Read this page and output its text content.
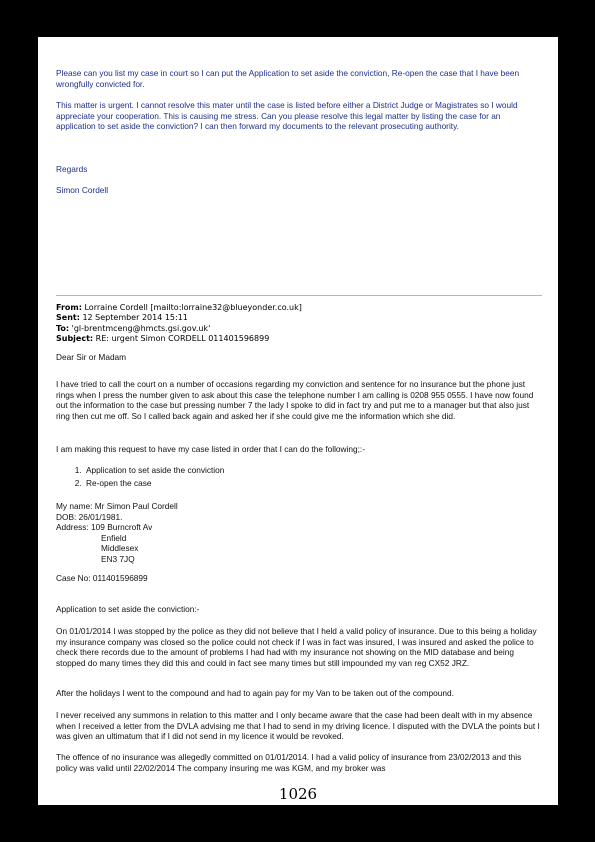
Please can you list my case in court so I can put the Application to set aside the conviction, Re-open the case that I have been wrongfully convicted for.

This matter is urgent. I cannot resolve this mater until the case is listed before either a District Judge or Magistrates so I would appreciate your cooperation. This is causing me stress. Can you please resolve this legal matter by listing the case for an application to set aside the conviction? I can then forward my documents to the relevant prosecuting authority.

Regards

Simon Cordell

From: Lorraine Cordell [mailto:lorraine32@blueyonder.co.uk]
Sent: 12 September 2014 15:11
To: 'gl-brentmceng@hmcts.gsi.gov.uk'
Subject: RE: urgent Simon CORDELL 011401596899

Dear Sir or Madam

I have tried to call the court on a number of occasions regarding my conviction and sentence for no insurance but the phone just rings when I press the number given to ask about this case the telephone number I am calling is 0208 955 0555. I have now found out the information to the case but pressing number 7 the lady I spoke to did in fact try and put me to a manager but that also just ring then cut me off. So I called back again and asked her if she could give me the information which she did.

I am making this request to have my case listed in order that I can do the following;:-

1. Application to set aside the conviction
2. Re-open the case
My name: Mr Simon Paul Cordell
DOB: 26/01/1981.
Address: 109 Burncroft Av
Enfield
Middlesex
EN3 7JQ

Case No: 011401596899

Application to set aside the conviction:-

On 01/01/2014 I was stopped by the police as they did not believe that I held a valid policy of insurance. Due to this being a holiday my insurance company was closed so the police could not check if I was in fact was insured, I was insured and asked the police to check there records due to the amount of problems I had had with my insurance not showing on the MID database and being stopped do many times they did this and could in fact see many times but still impounded my van reg CX52 JRZ.

After the holidays I went to the compound and had to again pay for my Van to be taken out of the compound.

I never received any summons in relation to this matter and I only became aware that the case had been dealt with in my absence when I received a letter from the DVLA advising me that I had to send in my driving licence. I disputed with the DVLA the points but I was given an ultimatum that if I did not send in my licence it would be revoked.

The offence of no insurance was allegedly committed on 01/01/2014. I had a valid policy of insurance from 23/02/2013 and this policy was valid until 22/02/2014 The company insuring me was KGM, and my broker was

1026
